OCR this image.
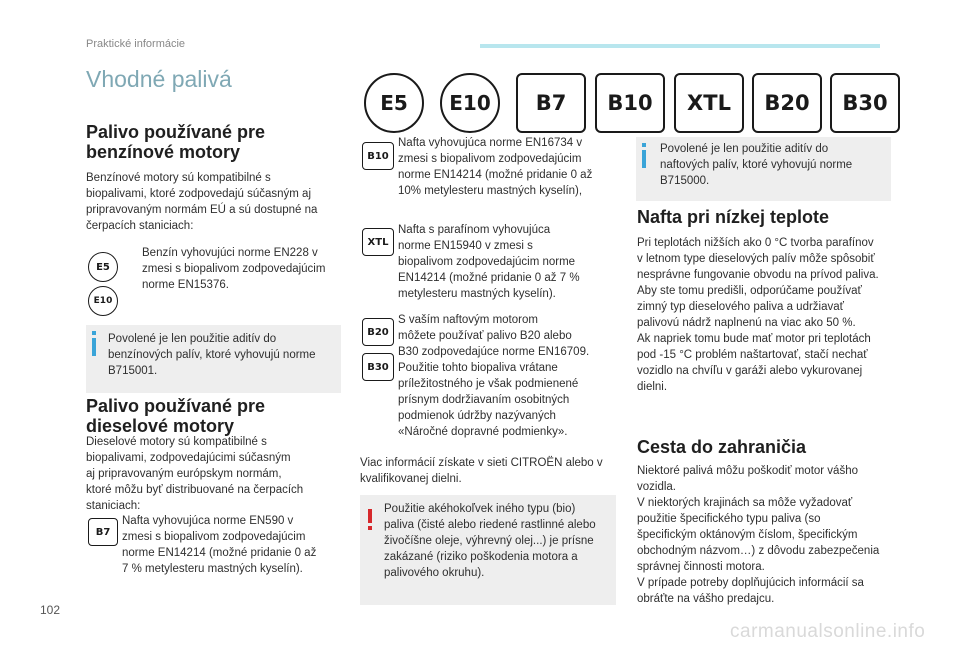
Praktické informácie
Vhodné palivá
E5	E10	B7	B10	XTL	B20	B30
Palivo používané pre
benzínové motory
Benzínové motory sú kompatibilné s
biopalivami, ktoré zodpovedajú súčasným aj
pripravovaným normám EÚ a sú dostupné na
čerpacích staniciach:
E5
E10
Benzín vyhovujúci norme EN228 v
zmesi s biopalivom zodpovedajúcim
norme EN15376.
Povolené je len použitie aditív do
benzínových palív, ktoré vyhovujú norme
B715001.
Palivo používané pre
dieselové motory
Dieselové motory sú kompatibilné s
biopalivami, zodpovedajúcimi súčasným
aj pripravovaným európskym normám,
ktoré môžu byť distribuované na čerpacích
staniciach:
B7
Nafta vyhovujúca norme EN590 v
zmesi s biopalivom zodpovedajúcim
norme EN14214 (možné pridanie 0 až
7 % metylesteru mastných kyselín).
B10
Nafta vyhovujúca norme EN16734 v
zmesi s biopalivom zodpovedajúcim
norme EN14214 (možné pridanie 0 až
10% metylesteru mastných kyselín),
XTL
Nafta s parafínom vyhovujúca
norme EN15940 v zmesi s
biopalivom zodpovedajúcim norme
EN14214 (možné pridanie 0 až 7 %
metylesteru mastných kyselín).
B20
B30
S vaším naftovým motorom
môžete používať palivo B20 alebo
B30 zodpovedajúce norme EN16709.
Použitie tohto biopaliva vrátane
príležitostného je však podmienené
prísnym dodržiavaním osobitných
podmienok údržby nazývaných
«Náročné dopravné podmienky».
Viac informácií získate v sieti CITROËN alebo v
kvalifikovanej dielni.
Použitie akéhokoľvek iného typu (bio)
paliva (čisté alebo riedené rastlinné alebo
živočíšne oleje, výhrevný olej...) je prísne
zakázané (riziko poškodenia motora a
palivového okruhu).
Povolené je len použitie aditív do
naftových palív, ktoré vyhovujú norme
B715000.
Nafta pri nízkej teplote
Pri teplotách nižších ako 0 °C tvorba parafínov
v letnom type dieselových palív môže spôsobiť
nesprávne fungovanie obvodu na prívod paliva.
Aby ste tomu predišli, odporúčame používať
zimný typ dieselového paliva a udržiavať
palivovú nádrž naplnenú na viac ako 50 %.
Ak napriek tomu bude mať motor pri teplotách
pod -15 °C problém naštartovať, stačí nechať
vozidlo na chvíľu v garáži alebo vykurovanej
dielni.
Cesta do zahraničia
Niektoré palivá môžu poškodiť motor vášho
vozidla.
V niektorých krajinách sa môže vyžadovať
použitie špecifického typu paliva (so
špecifickým oktánovým číslom, špecifickým
obchodným názvom…) z dôvodu zabezpečenia
správnej činnosti motora.
V prípade potreby doplňujúcich informácií sa
obráťte na vášho predajcu.
102
carmanualsonline.info
